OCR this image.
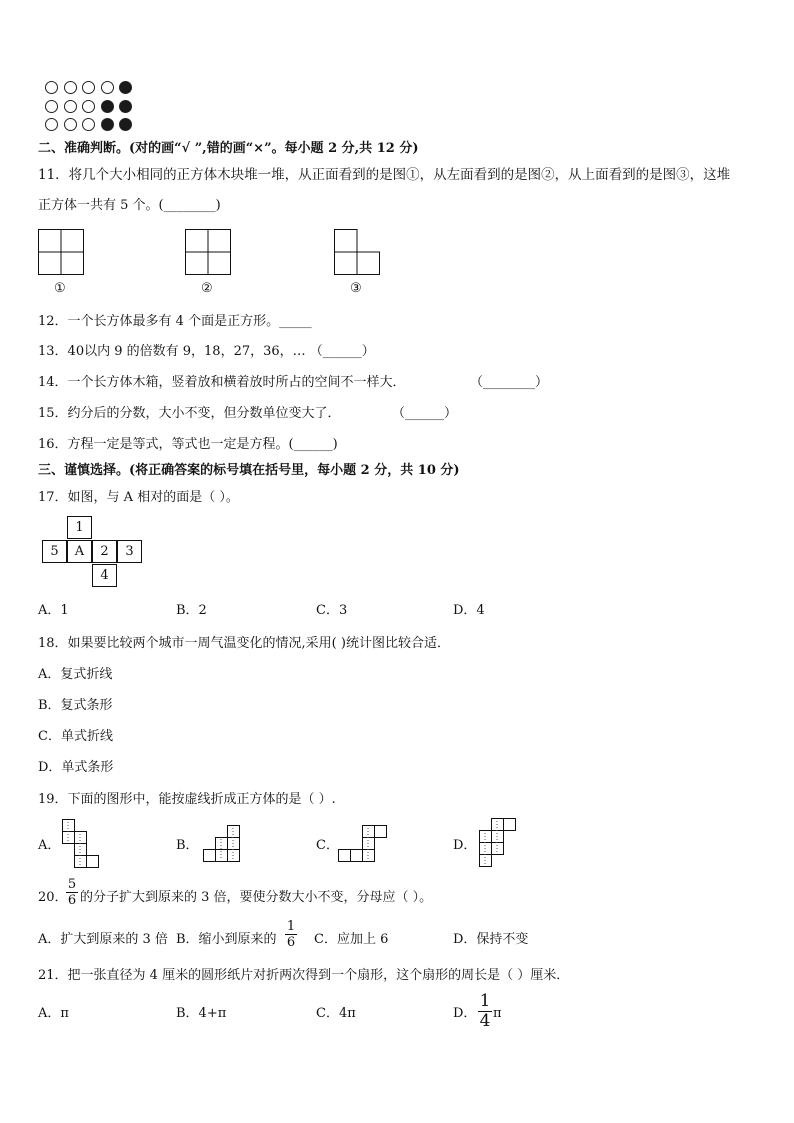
二、准确判断。(对的画“√ ”,错的画“×”。每小题 2 分,共 12 分)
11．将几个大小相同的正方体木块堆一堆，从正面看到的是图①，从左面看到的是图②，从上面看到的是图③，这堆
正方体一共有 5 个。(________)
①	②	③
12．一个长方体最多有 4 个面是正方形。_____
13．40以内 9 的倍数有 9，18，27，36，… （______）
14．一个长方体木箱，竖着放和横着放时所占的空间不一样大．	（________）
15．约分后的分数，大小不变，但分数单位变大了．	（______）
16．方程一定是等式，等式也一定是方程。(______)
三、谨慎选择。(将正确答案的标号填在括号里，每小题 2 分，共 10 分)
17．如图，与 A 相对的面是（ ）。
1
5	A	2	3
4
A．1	B．2	C．3	D．4
18．如果要比较两个城市一周气温变化的情况,采用( )统计图比较合适．
A．复式折线
B．复式条形
C．单式折线
D．单式条形
19．下面的图形中，能按虚线折成正方体的是（ ）.
A．	B．	C．	D．
20．
5
6 的分子扩大到原来的 3 倍，要使分数大小不变，分母应（ ）。
A．扩大到原来的 3 倍 B．缩小到原来的
1
6 C．应加上 6	D．保持不变
21．把一张直径为 4 厘米的圆形纸片对折两次得到一个扇形，这个扇形的周长是（ ）厘米．
A．π	B．4+π	C．4π	D．
1
4 π
